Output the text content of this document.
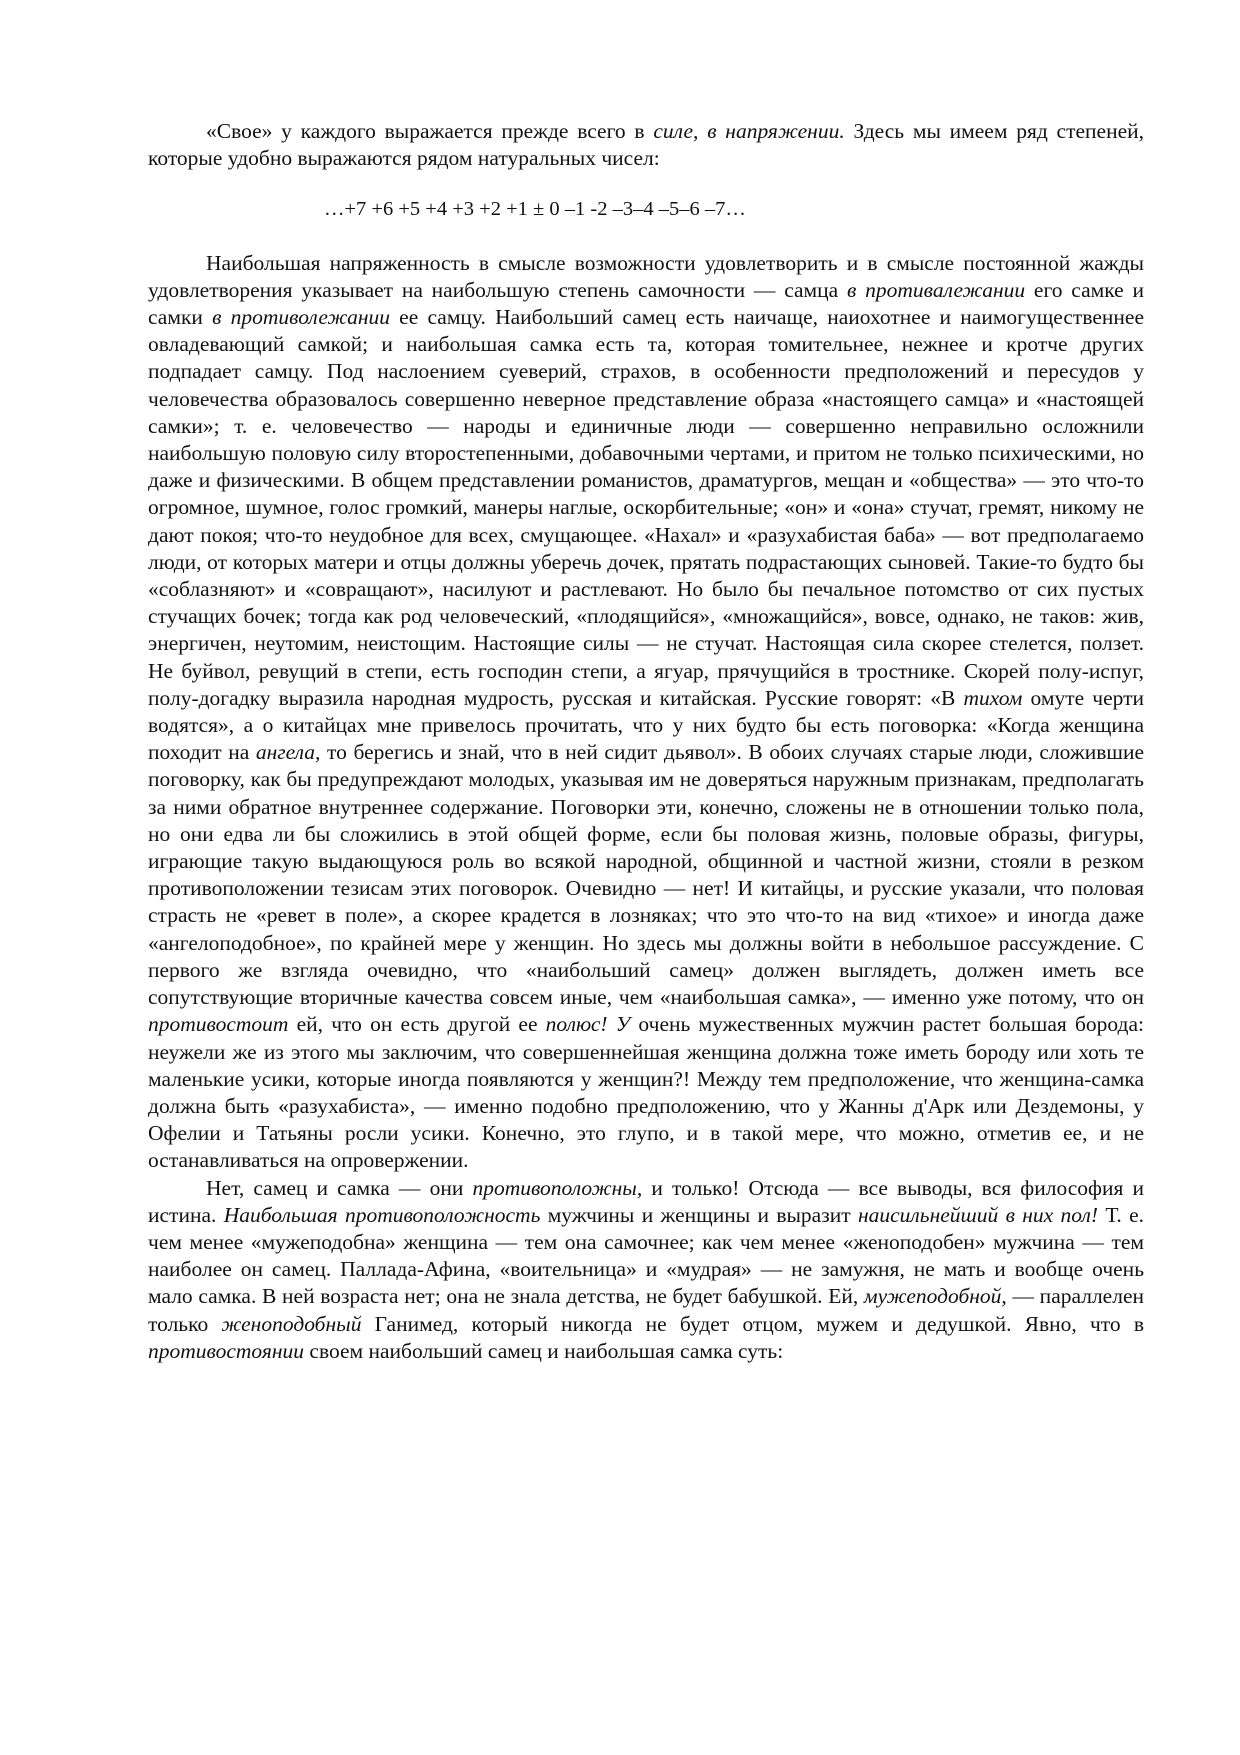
«Свое» у каждого выражается прежде всего в силе, в напряжении. Здесь мы имеем ряд степеней, которые удобно выражаются рядом натуральных чисел:

…+7 +6 +5 +4 +3 +2 +1 ± 0 –1 -2 –3–4 –5–6 –7…

Наибольшая напряженность в смысле возможности удовлетворить и в смысле постоянной жажды удовлетворения указывает на наибольшую степень самочности — самца в противалежании его самке и самки в противолежании ее самцу. Наибольший самец есть наичаще, наиохотнее и наимогущественнее овладевающий самкой; и наибольшая самка есть та, которая томительнее, нежнее и кротче других подпадает самцу. Под наслоением суеверий, страхов, в особенности предположений и пересудов у человечества образовалось совершенно неверное представление образа «настоящего самца» и «настоящей самки»; т. е. человечество — народы и единичные люди — совершенно неправильно осложнили наибольшую половую силу второстепенными, добавочными чертами, и притом не только психическими, но даже и физическими. В общем представлении романистов, драматургов, мещан и «общества» — это что-то огромное, шумное, голос громкий, манеры наглые, оскорбительные; «он» и «она» стучат, гремят, никому не дают покоя; что-то неудобное для всех, смущающее. «Нахал» и «разухабистая баба» — вот предполагаемо люди, от которых матери и отцы должны уберечь дочек, прятать подрастающих сыновей. Такие-то будто бы «соблазняют» и «совращают», насилуют и растлевают. Но было бы печальное потомство от сих пустых стучащих бочек; тогда как род человеческий, «плодящийся», «множащийся», вовсе, однако, не таков: жив, энергичен, неутомим, неистощим. Настоящие силы — не стучат. Настоящая сила скорее стелется, ползет. Не буйвол, ревущий в степи, есть господин степи, а ягуар, прячущийся в тростнике. Скорей полу-испуг, полу-догадку выразила народная мудрость, русская и китайская. Русские говорят: «В тихом омуте черти водятся», а о китайцах мне привелось прочитать, что у них будто бы есть поговорка: «Когда женщина походит на ангела, то берегись и знай, что в ней сидит дьявол». В обоих случаях старые люди, сложившие поговорку, как бы предупреждают молодых, указывая им не доверяться наружным признакам, предполагать за ними обратное внутреннее содержание. Поговорки эти, конечно, сложены не в отношении только пола, но они едва ли бы сложились в этой общей форме, если бы половая жизнь, половые образы, фигуры, играющие такую выдающуюся роль во всякой народной, общинной и частной жизни, стояли в резком противоположении тезисам этих поговорок. Очевидно — нет! И китайцы, и русские указали, что половая страсть не «ревет в поле», а скорее крадется в лозняках; что это что-то на вид «тихое» и иногда даже «ангелоподобное», по крайней мере у женщин. Но здесь мы должны войти в небольшое рассуждение. С первого же взгляда очевидно, что «наибольший самец» должен выглядеть, должен иметь все сопутствующие вторичные качества совсем иные, чем «наибольшая самка», — именно уже потому, что он противостоит ей, что он есть другой ее полюс! У очень мужественных мужчин растет большая борода: неужели же из этого мы заключим, что совершеннейшая женщина должна тоже иметь бороду или хоть те маленькие усики, которые иногда появляются у женщин?! Между тем предположение, что женщина-самка должна быть «разухабиста», — именно подобно предположению, что у Жанны д'Арк или Дездемоны, у Офелии и Татьяны росли усики. Конечно, это глупо, и в такой мере, что можно, отметив ее, и не останавливаться на опровержении.

Нет, самец и самка — они противоположны, и только! Отсюда — все выводы, вся философия и истина. Наибольшая противоположность мужчины и женщины и выразит наисильнейший в них пол! Т. е. чем менее «мужеподобна» женщина — тем она самочнее; как чем менее «женоподобен» мужчина — тем наиболее он самец. Паллада-Афина, «воительница» и «мудрая» — не замужня, не мать и вообще очень мало самка. В ней возраста нет; она не знала детства, не будет бабушкой. Ей, мужеподобной, — параллелен только женоподобный Ганимед, который никогда не будет отцом, мужем и дедушкой. Явно, что в противостоянии своем наибольший самец и наибольшая самка суть:
